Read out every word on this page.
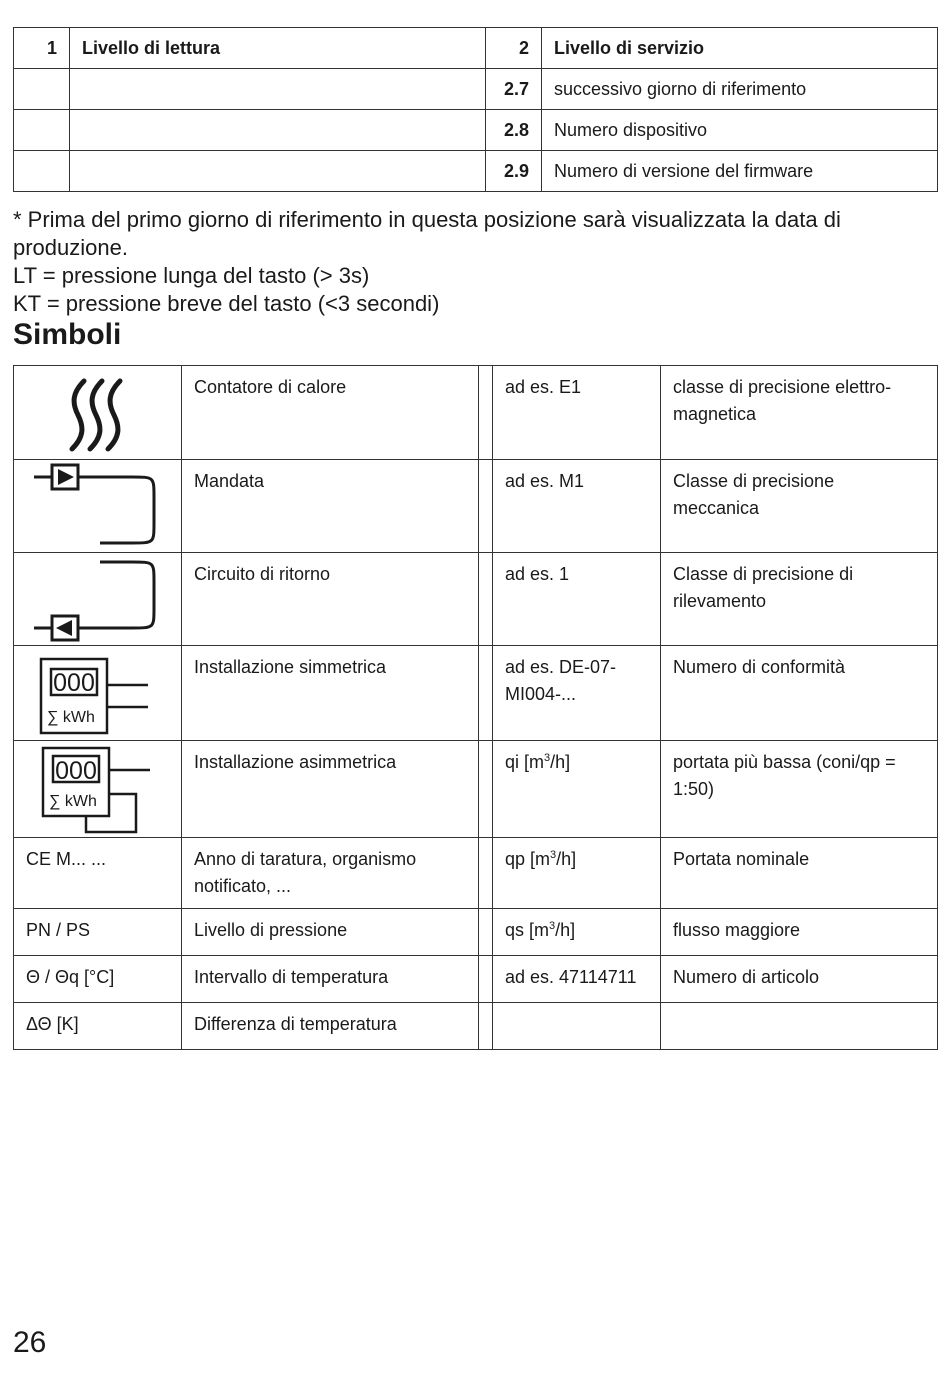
1	Livello di lettura	2	Livello di servizio
		2.7	successivo giorno di riferimento
		2.8	Numero dispositivo
		2.9	Numero di versione del firmware

* Prima del primo giorno di riferimento in questa posizione sarà visualizzata la data di produzione.

LT = pressione lunga del tasto (> 3s)

KT = pressione breve del tasto (<3 secondi)

Simboli
	Contatore di calore		ad es. E1	classe di precisione elettro-magnetica

	Mandata		ad es. M1	Classe di precisione meccanica

	Circuito di ritorno		ad es. 1	Classe di precisione di rilevamento

000
∑ kWh	Installazione simmetrica		ad es. DE-07-MI004-...	Numero di conformità

000
∑ kWh	Installazione asimmetrica		qi $[m^3/h]$	portata più bassa (coni/qp = 1:50)
CE M... ...	Anno di taratura, organismo notificato, ...		qp $[m^3/h]$	Portata nominale
PN / PS	Livello di pressione		qs $[m^3/h]$	flusso maggiore
Θ / Θq [°C]	Intervallo di temperatura		ad es. 47114711	Numero di articolo
ΔΘ [K]	Differenza di temperatura			
26
